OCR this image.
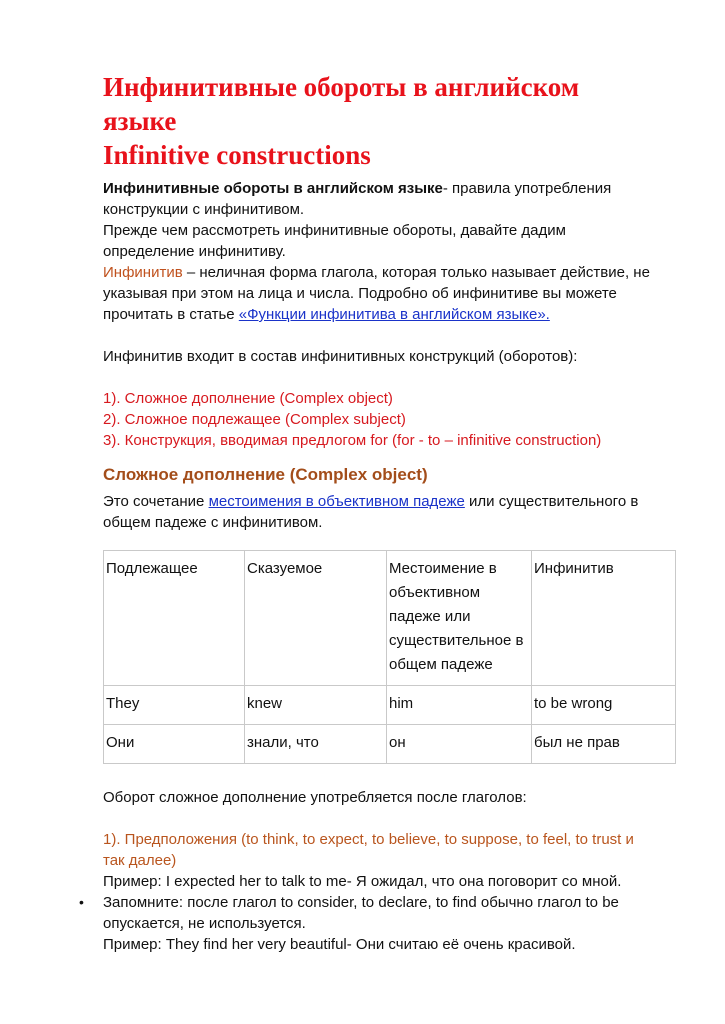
Инфинитивные обороты в английском
языке
Infinitive constructions

Инфинитивные обороты в английском языке- правила употребления
конструкции с инфинитивом.
Прежде чем рассмотреть инфинитивные обороты, давайте дадим
определение инфинитиву.
Инфинитив – неличная форма глагола, которая только называет действие, не
указывая при этом на лица и числа. Подробно об инфинитиве вы можете
прочитать в статье «Функции инфинитива в английском языке».

Инфинитив входит в состав инфинитивных конструкций (оборотов):

1). Сложное дополнение (Complex object)

2). Сложное подлежащее (Complex subject)

3). Конструкция, вводимая предлогом for (for - to – infinitive construction)

Сложное дополнение (Complex object)

Это сочетание местоимения в объективном падеже или существительного в
общем падеже с инфинитивом.

Подлежащее	Сказуемое	Местоимение в объективном падеже или существительное в общем падеже	Инфинитив
They	knew	him	to be wrong
Они	знали, что	он	был не прав

Оборот сложное дополнение употребляется после глаголов:

1). Предположения (to think, to expect, to believe, to suppose, to feel, to trust и
так далее)

Пример: I expected her to talk to me- Я ожидал, что она поговорит со мной.

• Запомните: после глагол to consider, to declare, to find обычно глагол to be
опускается, не используется.

Пример: They find her very beautiful- Они считаю её очень красивой.
